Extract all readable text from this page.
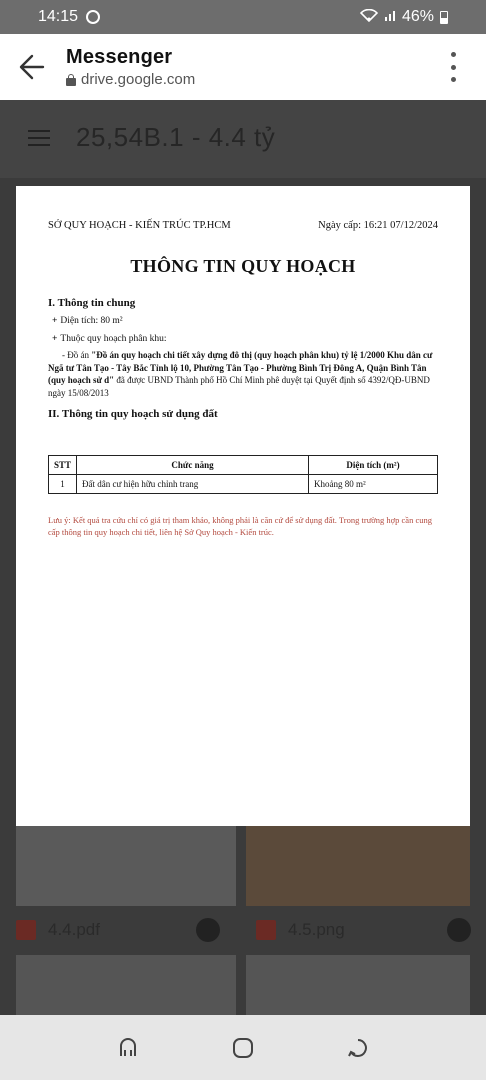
14:15	46%
Messenger
drive.google.com
25,54B.1 - 4.4 tỷ
4.4.pdf	4.5.png
SỞ QUY HOẠCH - KIẾN TRÚC TP.HCM	Ngày cấp: 16:21 07/12/2024
THÔNG TIN QUY HOẠCH
I. Thông tin chung
+ Diện tích: 80 m²
+ Thuộc quy hoạch phân khu:
- Đồ án "Đồ án quy hoạch chi tiết xây dựng đô thị (quy hoạch phân khu) tỷ lệ 1/2000 Khu dân cư Ngã tư Tân Tạo - Tây Bắc Tỉnh lộ 10, Phường Tân Tạo - Phường Bình Trị Đông A, Quận Bình Tân (quy hoạch sử d" đã được UBND Thành phố Hồ Chí Minh phê duyệt tại Quyết định số 4392/QĐ-UBND ngày 15/08/2013
II. Thông tin quy hoạch sử dụng đất
STT	Chức năng	Diện tích (m²)
1	Đất dân cư hiện hữu chỉnh trang	Khoảng 80 m²
Lưu ý: Kết quả tra cứu chỉ có giá trị tham khảo, không phải là căn cứ để sử dụng đất. Trong trường hợp cần cung cấp thông tin quy hoạch chi tiết, liên hệ Sở Quy hoạch - Kiến trúc.
